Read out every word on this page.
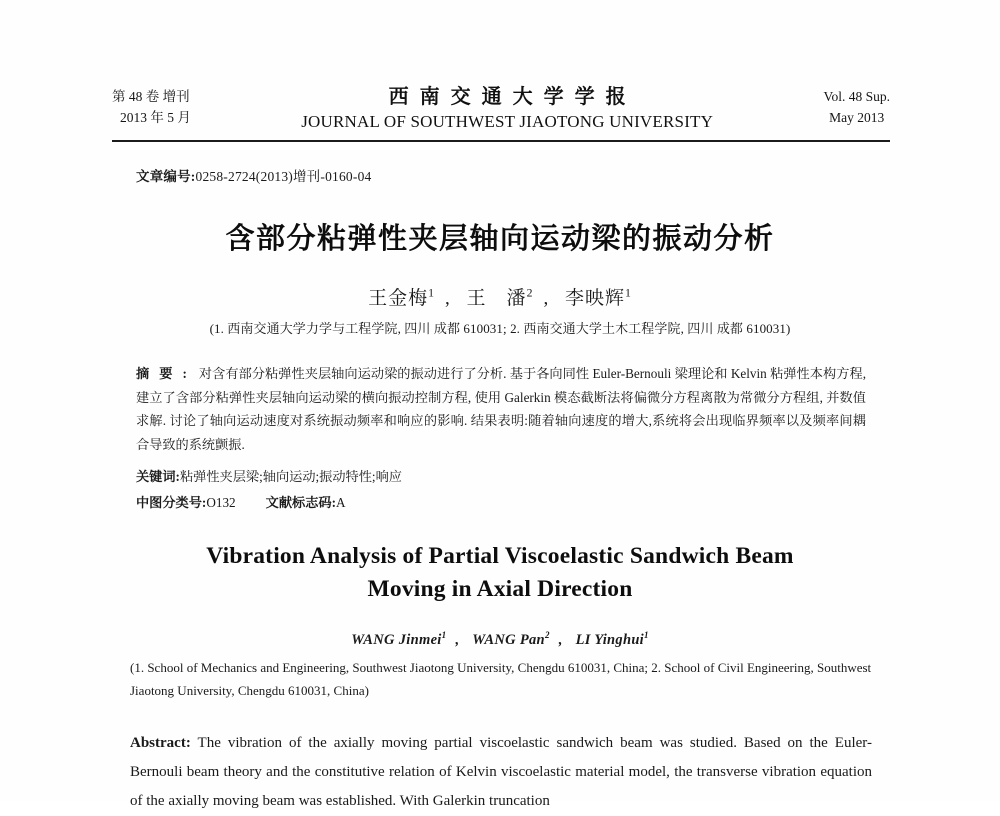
第 48 卷 增刊
2013 年 5 月
西南交通大学学报
JOURNAL OF SOUTHWEST JIAOTONG UNIVERSITY
Vol. 48 Sup.
May 2013
文章编号:0258-2724(2013)增刊-0160-04
含部分粘弹性夹层轴向运动梁的振动分析
王金梅$^1$ , 王　潘$^2$ , 李映辉$^1$
(1. 西南交通大学力学与工程学院, 四川 成都 610031; 2. 西南交通大学土木工程学院, 四川 成都 610031)
摘要: 对含有部分粘弹性夹层轴向运动梁的振动进行了分析. 基于各向同性 Euler-Bernouli 梁理论和 Kelvin 粘弹性本构方程,建立了含部分粘弹性夹层轴向运动梁的横向振动控制方程, 使用 Galerkin 模态截断法将偏微分方程离散为常微分方程组, 并数值求解. 讨论了轴向运动速度对系统振动频率和响应的影响. 结果表明:随着轴向速度的增大,系统将会出现临界频率以及频率间耦合导致的系统颤振.
关键词:粘弹性夹层梁;轴向运动;振动特性;响应
中图分类号:O132 文献标志码:A
Vibration Analysis of Partial Viscoelastic Sandwich Beam
Moving in Axial Direction
WANG Jinmei$^1$ , WANG Pan$^2$ , LI Yinghui$^1$
(1. School of Mechanics and Engineering, Southwest Jiaotong University, Chengdu 610031, China; 2. School of Civil Engineering, Southwest Jiaotong University, Chengdu 610031, China)
Abstract: The vibration of the axially moving partial viscoelastic sandwich beam was studied. Based on the Euler-Bernouli beam theory and the constitutive relation of Kelvin viscoelastic material model, the transverse vibration equation of the axially moving beam was established. With Galerkin truncation
